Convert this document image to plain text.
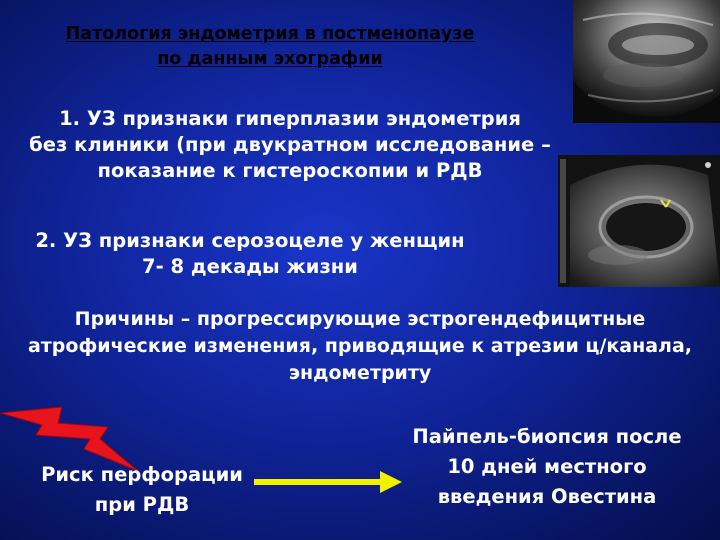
Патология эндометрия в постменопаузе
по данным эхографии
1. УЗ признаки гиперплазии эндометрия
без клиники (при двукратном исследование –
показание к гистероскопии и РДВ
2. УЗ признаки серозоцеле у женщин
7- 8 декады жизни
Причины – прогрессирующие эстрогендефицитные
атрофические изменения, приводящие к атрезии ц/канала,
эндометриту
Риск перфорации
при РДВ
Пайпель-биопсия после
10 дней местного
введения Овестина
